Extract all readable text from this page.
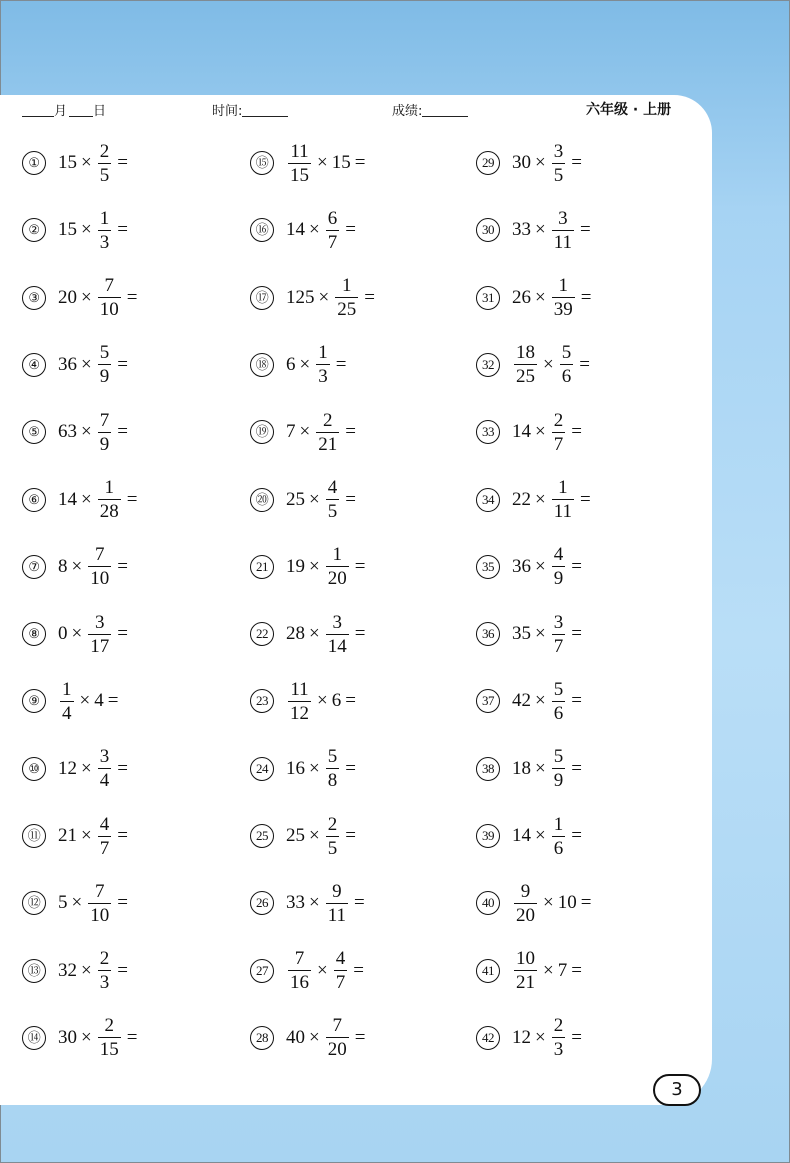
月 日	时间:	成绩:	六年级 · 上册
① $15 \times \frac{2}{5}$ =
② $15 \times \frac{1}{3}$ =
③ $20 \times \frac{7}{10}$ =
④ $36 \times \frac{5}{9}$ =
⑤ $63 \times \frac{7}{9}$ =
⑥ $14 \times \frac{1}{28}$ =
⑦ $8 \times \frac{7}{10}$ =
⑧ $0 \times \frac{3}{17}$ =
⑨	$\frac{1}{4} \times 4$ =
⑩ $12 \times \frac{3}{4}$ =
⑪ $21 \times \frac{4}{7}$ =
⑫ $5 \times \frac{7}{10}$ =
⑬ $32 \times \frac{2}{3}$ =
⑭ $30 \times \frac{2}{15}$ =
⑮	$\frac{11}{15} \times 15$ =
⑯ $14 \times \frac{6}{7}$ =
⑰ $125 \times \frac{1}{25}$ =
⑱ $6 \times \frac{1}{3}$ =
⑲ $7 \times \frac{2}{21}$ =
⑳ $25 \times \frac{4}{5}$ =
21 $19 \times \frac{1}{20}$ =
22 $28 \times \frac{3}{14}$ =
23	$\frac{11}{12} \times 6$ =
24 $16 \times \frac{5}{8}$ =
25 $25 \times \frac{2}{5}$ =
26 $33 \times \frac{9}{11}$ =
27	$\frac{7}{16} \times \frac{4}{7}$ =
28 $40 \times \frac{7}{20}$ =
29 $30 \times \frac{3}{5}$ =
30 $33 \times \frac{3}{11}$ =
31 $26 \times \frac{1}{39}$ =
32	$\frac{18}{25} \times \frac{5}{6}$ =
33 $14 \times \frac{2}{7}$ =
34 $22 \times \frac{1}{11}$ =
35 $36 \times \frac{4}{9}$ =
36 $35 \times \frac{3}{7}$ =
37 $42 \times \frac{5}{6}$ =
38 $18 \times \frac{5}{9}$ =
39 $14 \times \frac{1}{6}$ =
40	$\frac{9}{20} \times 10$ =
41	$\frac{10}{21} \times 7$ =
42 $12 \times \frac{2}{3}$ =
3
